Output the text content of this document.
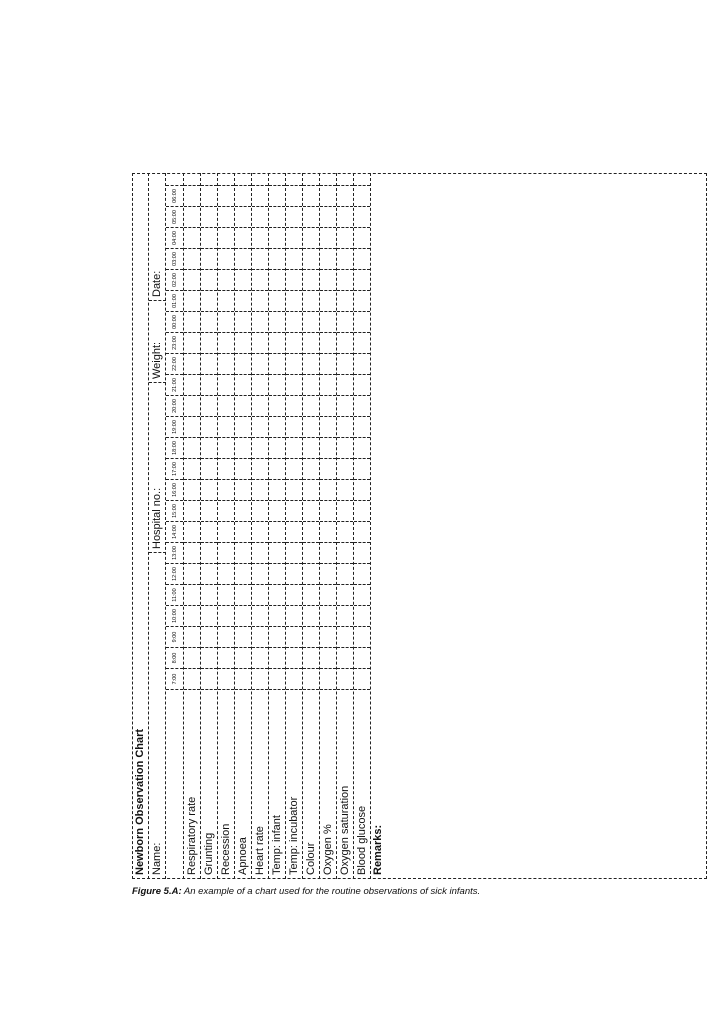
Newborn Observation Chart Name:
Hospital no.:
Weight:
Date:
7:00
8:00
9:00
10:00
11:00
12:00
13:00
14:00
15:00
16:00
17:00
18:00
19:00
20:00
21:00
22:00
23:00
00:00
01:00
02:00
03:00
04:00
05:00
06:00
Respiratory rate Grunting Recession Apnoea Heart rate Temp: infant Temp: incubator Colour Oxygen % Oxygen saturation Blood glucose Remarks:
Figure 5.A: An example of a chart used for the routine observations of sick infants.
